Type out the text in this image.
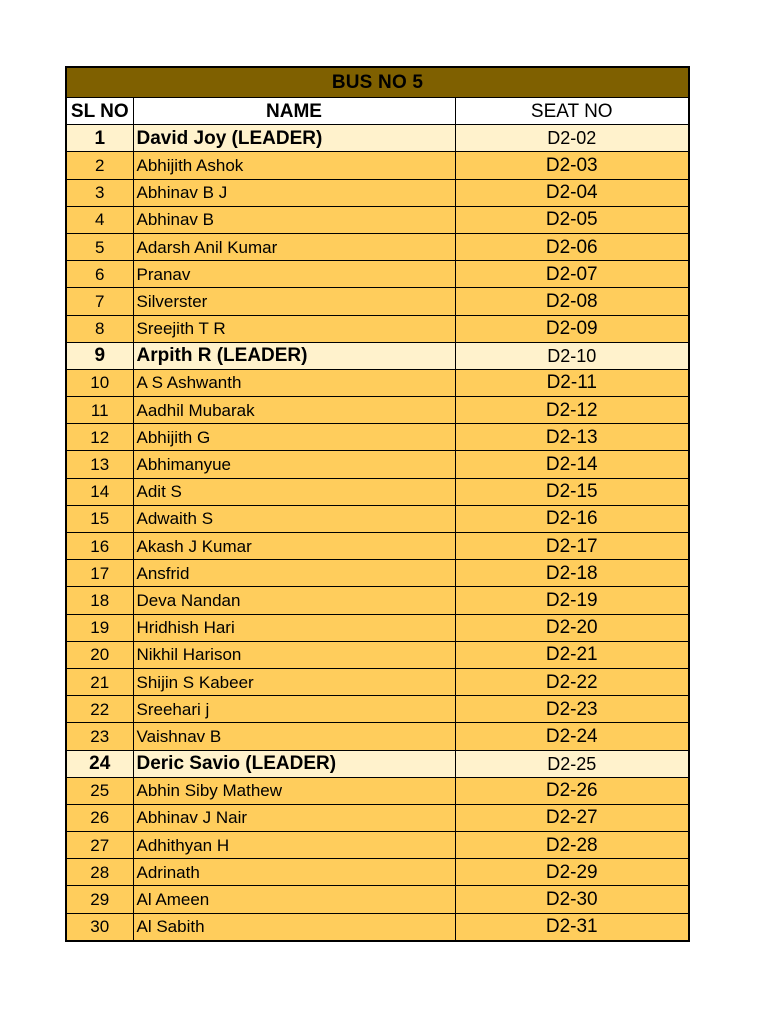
BUS NO 5
SL NO	NAME	SEAT NO
1	David Joy (LEADER)	D2-02
2	Abhijith Ashok	D2-03
3	Abhinav B J	D2-04
4	Abhinav B	D2-05
5	Adarsh Anil Kumar	D2-06
6	Pranav	D2-07
7	Silverster	D2-08
8	Sreejith T R	D2-09
9	Arpith R (LEADER)	D2-10
10	A S Ashwanth	D2-11
11	Aadhil Mubarak	D2-12
12	Abhijith G	D2-13
13	Abhimanyue	D2-14
14	Adit S	D2-15
15	Adwaith S	D2-16
16	Akash J Kumar	D2-17
17	Ansfrid	D2-18
18	Deva Nandan	D2-19
19	Hridhish Hari	D2-20
20	Nikhil Harison	D2-21
21	Shijin S Kabeer	D2-22
22	Sreehari j	D2-23
23	Vaishnav B	D2-24
24	Deric Savio (LEADER)	D2-25
25	Abhin Siby Mathew	D2-26
26	Abhinav J Nair	D2-27
27	Adhithyan H	D2-28
28	Adrinath	D2-29
29	Al Ameen	D2-30
30	Al Sabith	D2-31
